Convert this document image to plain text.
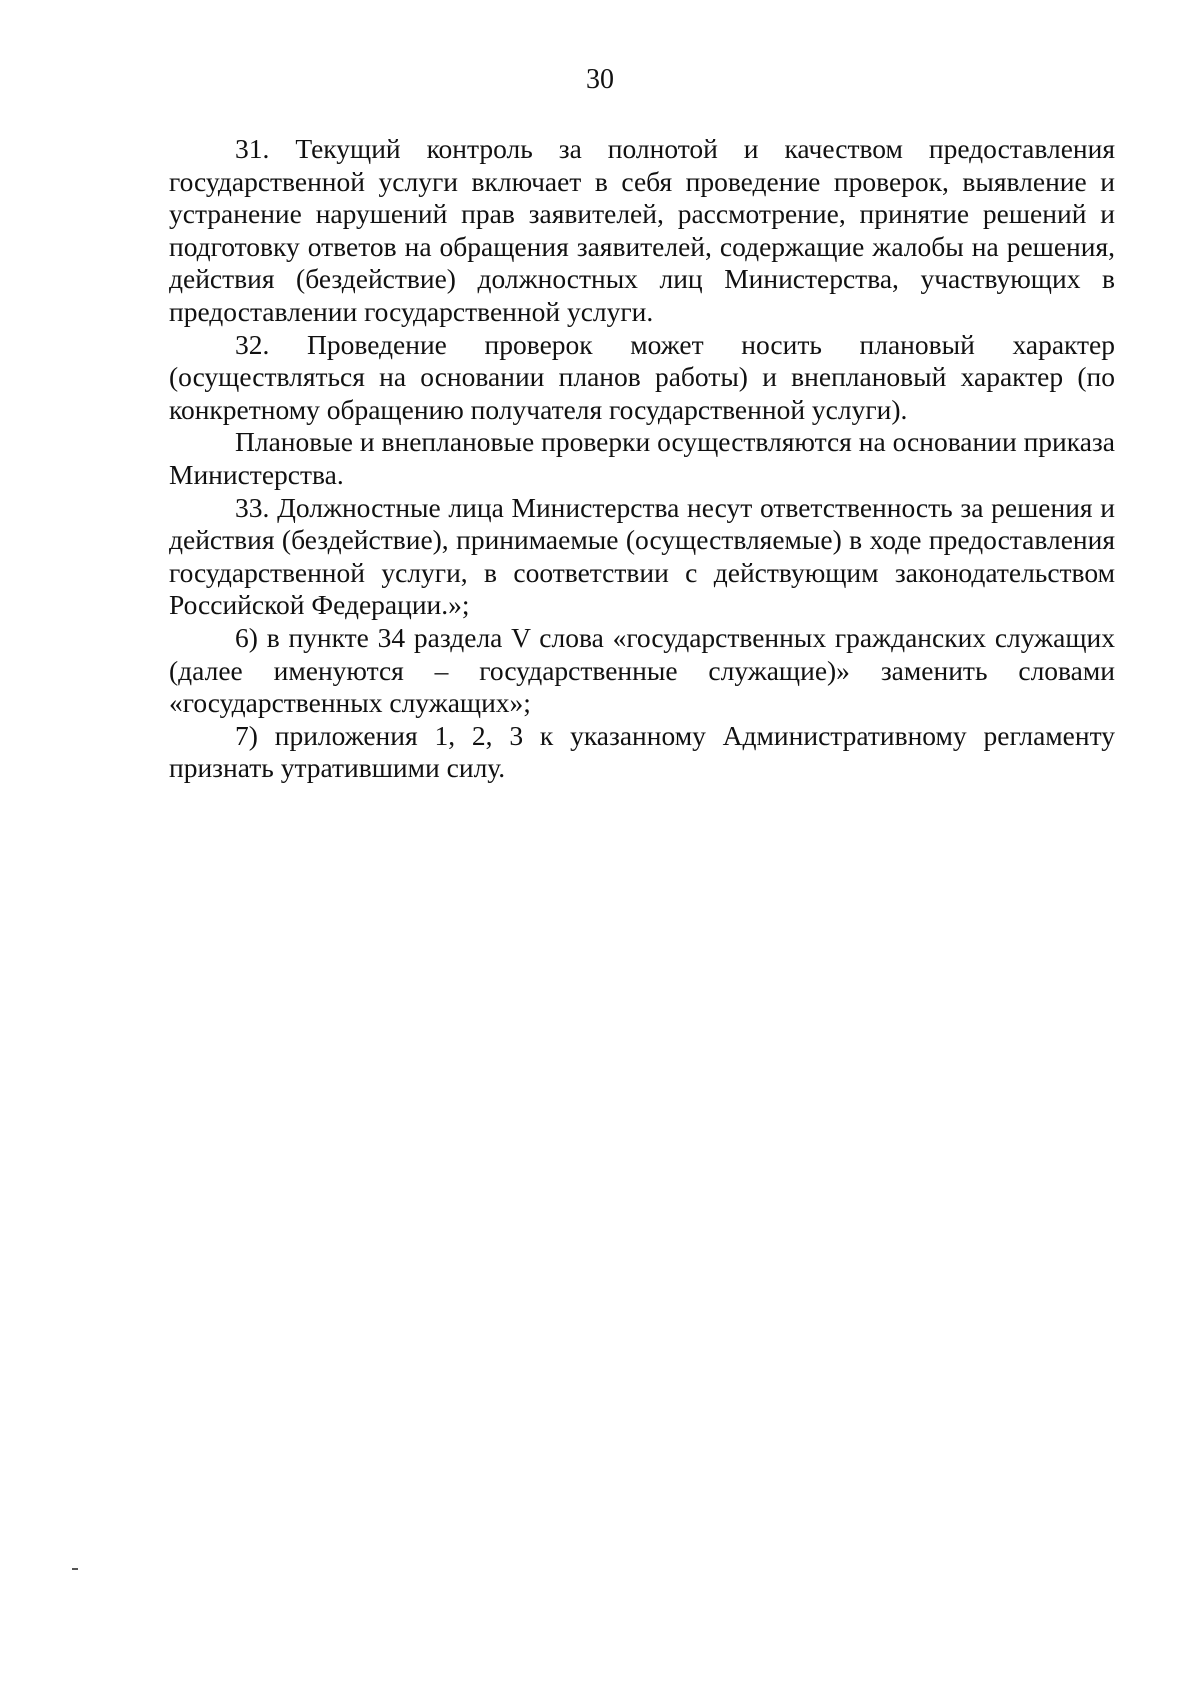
30

31. Текущий контроль за полнотой и качеством предоставления государственной услуги включает в себя проведение проверок, выявление и устранение нарушений прав заявителей, рассмотрение, принятие решений и подготовку ответов на обращения заявителей, содержащие жалобы на решения, действия (бездействие) должностных лиц Министерства, участвующих в предоставлении государственной услуги.

32. Проведение проверок может носить плановый характер (осуществляться на основании планов работы) и внеплановый характер (по конкретному обращению получателя государственной услуги).

Плановые и внеплановые проверки осуществляются на основании приказа Министерства.

33. Должностные лица Министерства несут ответственность за решения и действия (бездействие), принимаемые (осуществляемые) в ходе предоставления государственной услуги, в соответствии с действующим законодательством Российской Федерации.»;

6) в пункте 34 раздела V слова «государственных гражданских служащих (далее именуются – государственные служащие)» заменить словами «государственных служащих»;

7) приложения 1, 2, 3 к указанному Административному регламенту признать утратившими силу.
